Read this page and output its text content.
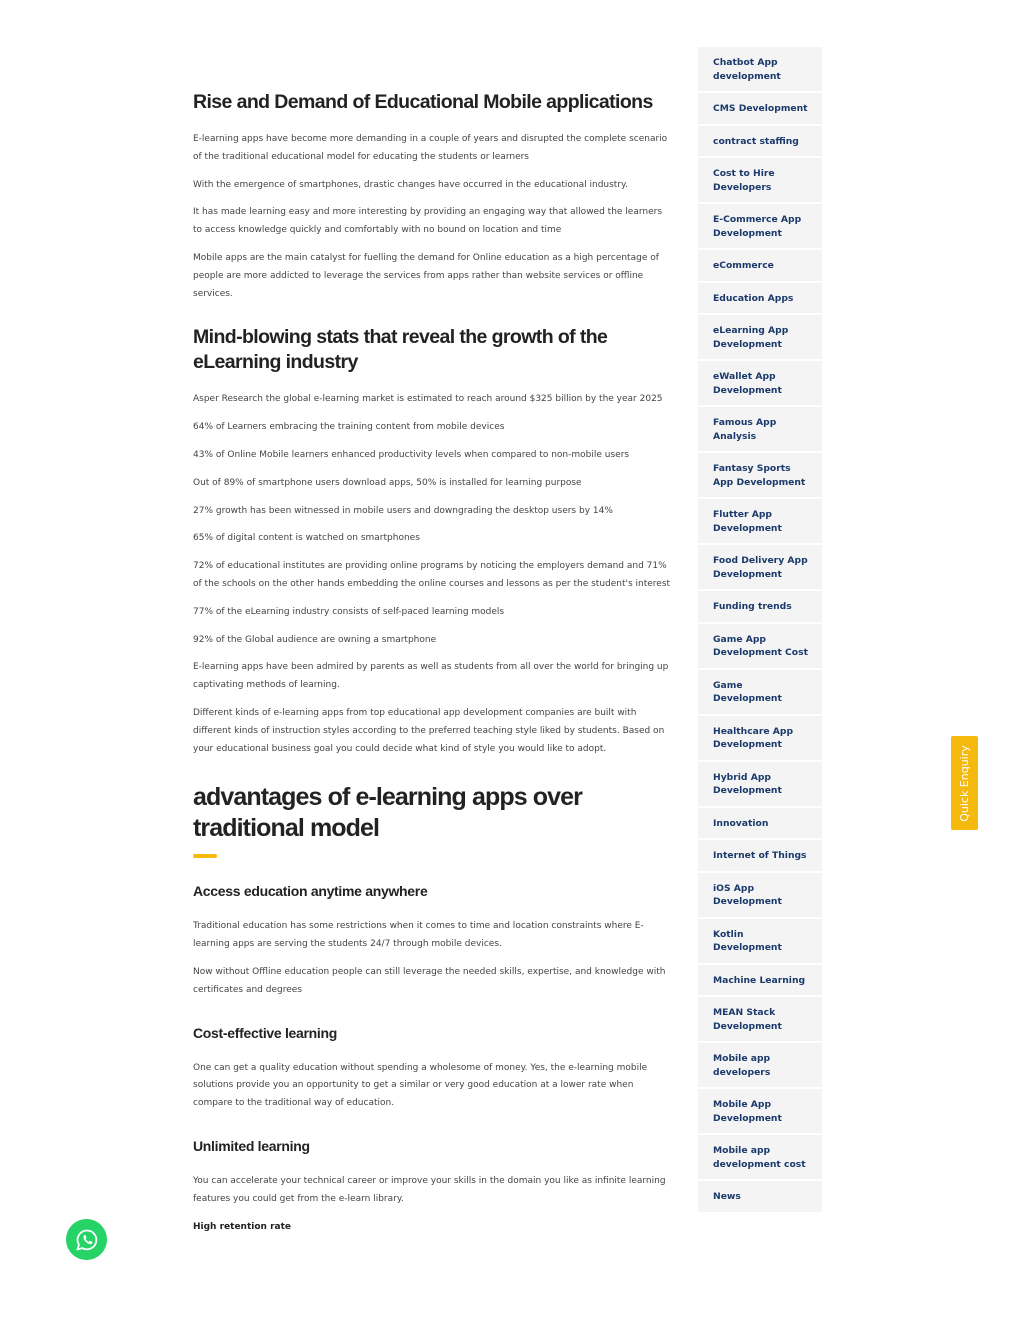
Rise and Demand of Educational Mobile applications

E-learning apps have become more demanding in a couple of years and disrupted the complete scenario of the traditional educational model for educating the students or learners

With the emergence of smartphones, drastic changes have occurred in the educational industry.

It has made learning easy and more interesting by providing an engaging way that allowed the learners to access knowledge quickly and comfortably with no bound on location and time

Mobile apps are the main catalyst for fuelling the demand for Online education as a high percentage of people are more addicted to leverage the services from apps rather than website services or offline services.

Mind-blowing stats that reveal the growth of the eLearning industry

Asper Research the global e-learning market is estimated to reach around $325 billion by the year 2025

64% of Learners embracing the training content from mobile devices

43% of Online Mobile learners enhanced productivity levels when compared to non-mobile users

Out of 89% of smartphone users download apps, 50% is installed for learning purpose

27% growth has been witnessed in mobile users and downgrading the desktop users by 14%

65% of digital content is watched on smartphones

72% of educational institutes are providing online programs by noticing the employers demand and 71% of the schools on the other hands embedding the online courses and lessons as per the student's interest

77% of the eLearning industry consists of self-paced learning models

92% of the Global audience are owning a smartphone

E-learning apps have been admired by parents as well as students from all over the world for bringing up captivating methods of learning.

Different kinds of e-learning apps from top educational app development companies are built with different kinds of instruction styles according to the preferred teaching style liked by students. Based on your educational business goal you could decide what kind of style you would like to adopt.

advantages of e-learning apps over traditional model
Access education anytime anywhere

Traditional education has some restrictions when it comes to time and location constraints where E-learning apps are serving the students 24/7 through mobile devices.

Now without Offline education people can still leverage the needed skills, expertise, and knowledge with certificates and degrees

Cost-effective learning

One can get a quality education without spending a wholesome of money. Yes, the e-learning mobile solutions provide you an opportunity to get a similar or very good education at a lower rate when compare to the traditional way of education.

Unlimited learning

You can accelerate your technical career or improve your skills in the domain you like as infinite learning features you could get from the e-learn library.

High retention rate

Chatbot App development
CMS Development
contract staffing
Cost to Hire Developers
E-Commerce App Development
eCommerce
Education Apps
eLearning App Development
eWallet App Development
Famous App Analysis
Fantasy Sports App Development
Flutter App Development
Food Delivery App Development
Funding trends
Game App Development Cost
Game Development
Healthcare App Development
Hybrid App Development
Innovation
Internet of Things
iOS App Development
Kotlin Development
Machine Learning
MEAN Stack Development
Mobile app developers
Mobile App Development
Mobile app development cost
News
Quick Enquiry
